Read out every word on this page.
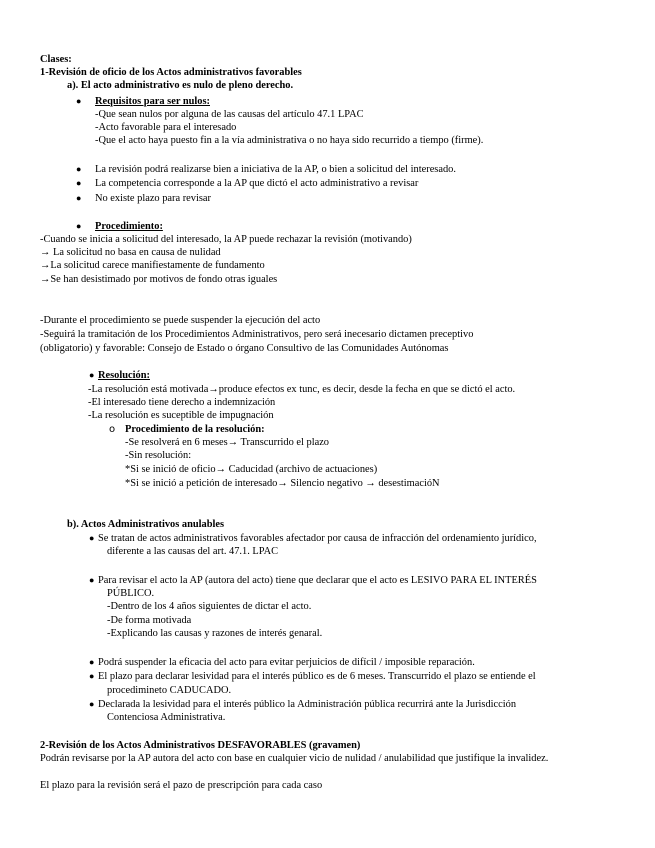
Clases:
1-Revisión de oficio de los Actos administrativos favorables
a). El acto administrativo es nulo de pleno derecho.
● Requisitos para ser nulos:
-Que sean nulos por alguna de las causas del artículo 47.1 LPAC
-Acto favorable para el interesado
-Que el acto haya puesto fin a la vía administrativa o no haya sido recurrido a tiempo (firme).
● La revisión podrá realizarse bien a iniciativa de la AP, o bien a solicitud del interesado.
● La competencia corresponde a la AP que dictó el acto administrativo a revisar
● No existe plazo para revisar
● Procedimiento:
-Cuando se inicia a solicitud del interesado, la AP puede rechazar la revisión (motivando)
→ La solicitud no basa en causa de nulidad
→La solicitud carece manifiestamente de fundamento
→Se han desistimado por motivos de fondo otras iguales
-Durante el procedimiento se puede suspender la ejecución del acto
-Seguirá la tramitación de los Procedimientos Administrativos, pero será inecesario dictamen preceptivo
(obligatorio) y favorable: Consejo de Estado o órgano Consultivo de las Comunidades Autónomas
● Resolución:
-La resolución está motivada→produce efectos ex tunc, es decir, desde la fecha en que se dictó el acto.
-El interesado tiene derecho a indemnización
-La resolución es suceptible de impugnación
o Procedimiento de la resolución:
-Se resolverá en 6 meses→ Transcurrido el plazo
-Sin resolución:
*Si se inició de oficio→ Caducidad (archivo de actuaciones)
*Si se inició a petición de interesado→ Silencio negativo → desestimacióN
b). Actos Administrativos anulables
● Se tratan de actos administrativos favorables afectador por causa de infracción del ordenamiento jurídico,
diferente a las causas del art. 47.1. LPAC
● Para revisar el acto la AP (autora del acto) tiene que declarar que el acto es LESIVO PARA EL INTERÉS
PÚBLICO.
-Dentro de los 4 años siguientes de dictar el acto.
-De forma motivada
-Explicando las causas y razones de interés genaral.
● Podrá suspender la eficacia del acto para evitar perjuicios de difícil / imposible reparación.
● El plazo para declarar lesividad para el interés público es de 6 meses. Transcurrido el plazo se entiende el
procedimineto CADUCADO.
● Declarada la lesividad para el interés público la Administración pública recurrirá ante la Jurisdicción
Contenciosa Administrativa.
2-Revisión de los Actos Administrativos DESFAVORABLES (gravamen)
Podrán revisarse por la AP autora del acto con base en cualquier vicio de nulidad / anulabilidad que justifique la invalidez.
El plazo para la revisión será el pazo de prescripción para cada caso
